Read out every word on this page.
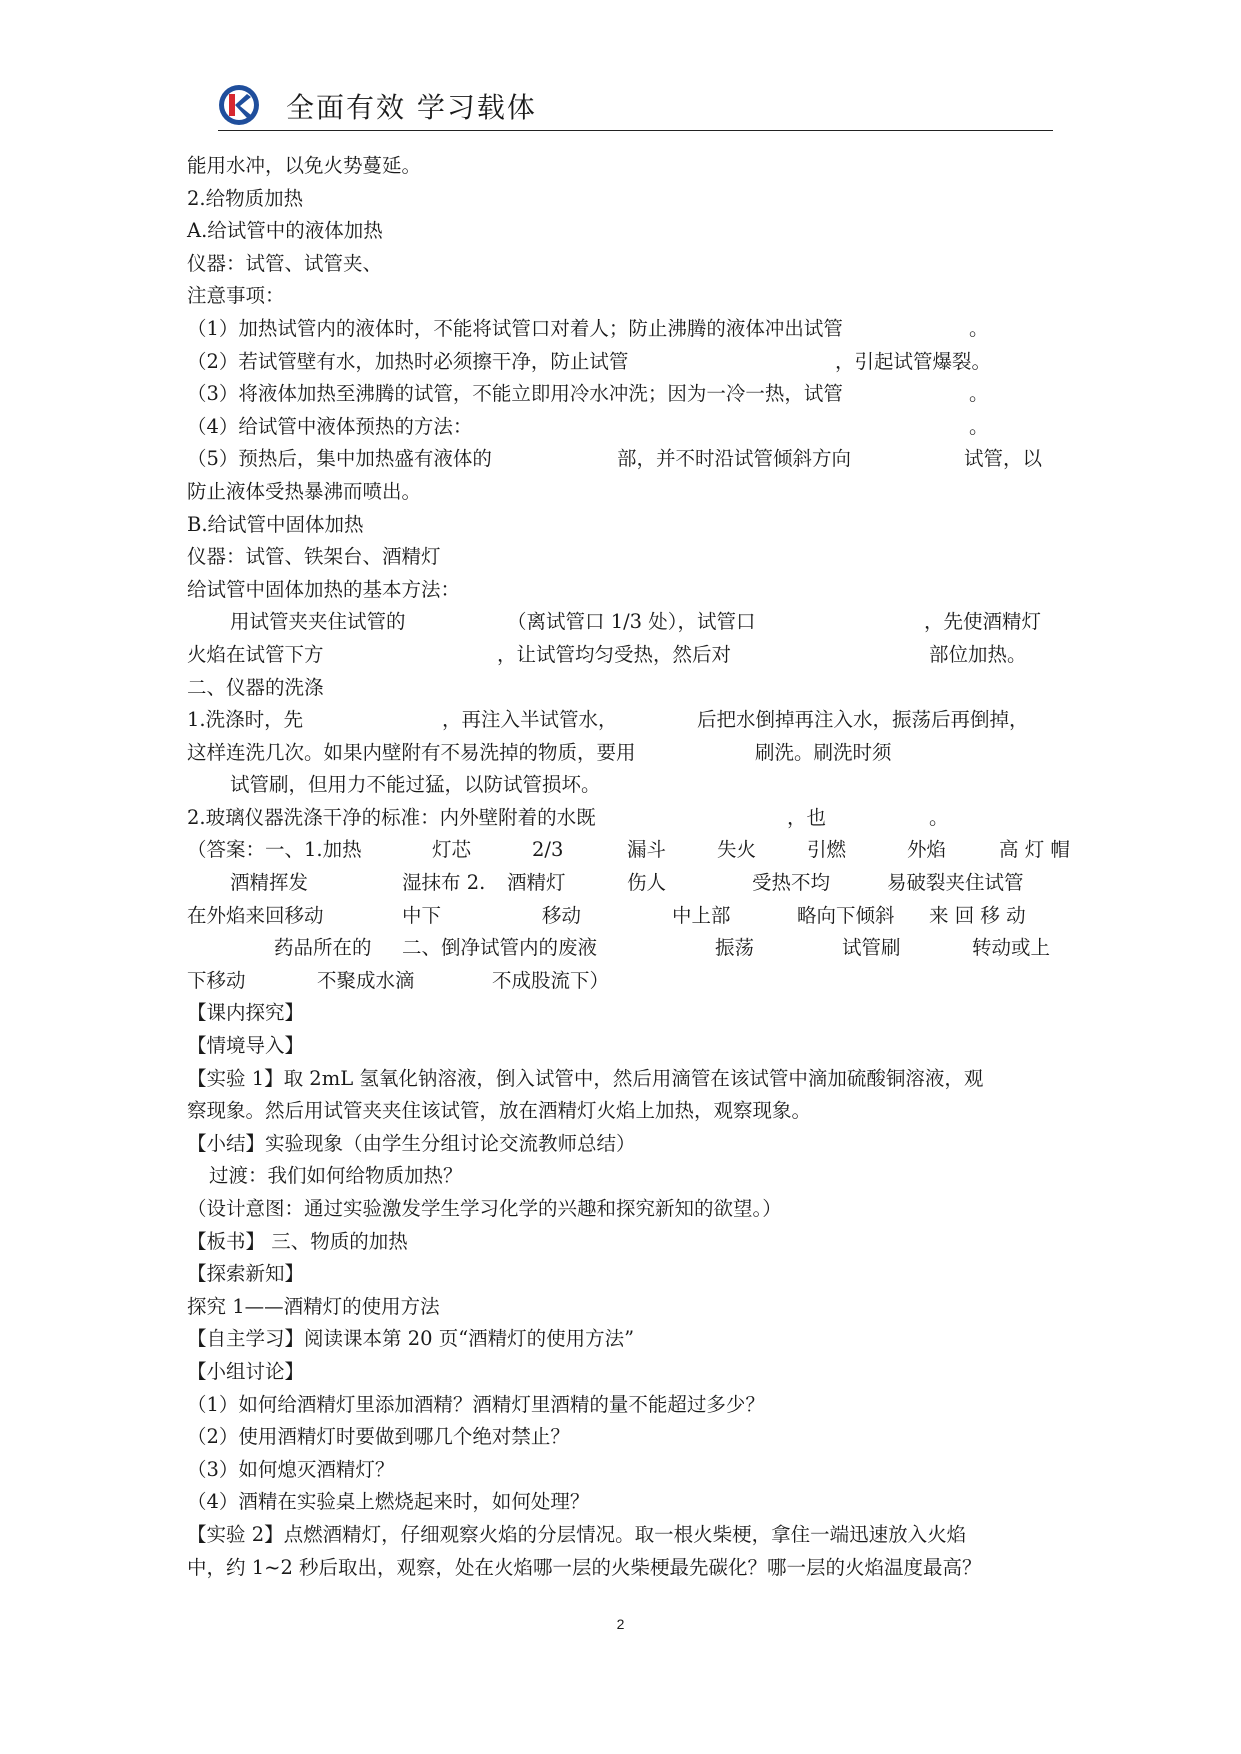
全面有效 学习载体
能用水冲，以免火势蔓延。
2.给物质加热
A.给试管中的液体加热
仪器：试管、试管夹、
注意事项：
（1）加热试管内的液体时，不能将试管口对着人；防止沸腾的液体冲出试管	。
（2）若试管壁有水，加热时必须擦干净，防止试管	，引起试管爆裂。
（3）将液体加热至沸腾的试管，不能立即用冷水冲洗；因为一冷一热，试管	。
（4）给试管中液体预热的方法：	。
（5）预热后，集中加热盛有液体的	部，并不时沿试管倾斜方向	试管，以
防止液体受热暴沸而喷出。
B.给试管中固体加热
仪器：试管、铁架台、酒精灯
给试管中固体加热的基本方法：
用试管夹夹住试管的	（离试管口 1/3 处），试管口	，先使酒精灯
火焰在试管下方	，让试管均匀受热，然后对	部位加热。
二、仪器的洗涤
1.洗涤时，先	，再注入半试管水，	后把水倒掉再注入水，振荡后再倒掉，
这样连洗几次。如果内壁附有不易洗掉的物质，要用	刷洗。刷洗时须
试管刷，但用力不能过猛，以防试管损坏。
2.玻璃仪器洗涤干净的标准：内外壁附着的水既	，也	。
（答案：一、1.加热	灯芯	2/3	漏斗	失火	引燃	外焰	高 灯 帽
酒精挥发	湿抹布 2. 酒精灯	伤人	受热不均	易破裂夹住试管
在外焰来回移动	中下	移动	中上部	略向下倾斜 来 回 移 动
药品所在的 二、倒净试管内的废液	振荡	试管刷	转动或上
下移动	不聚成水滴	不成股流下）
【课内探究】
【情境导入】
【实验 1】取 2mL 氢氧化钠溶液，倒入试管中，然后用滴管在该试管中滴加硫酸铜溶液，观
察现象。然后用试管夹夹住该试管，放在酒精灯火焰上加热，观察现象。
【小结】实验现象（由学生分组讨论交流教师总结）
过渡：我们如何给物质加热？
（设计意图：通过实验激发学生学习化学的兴趣和探究新知的欲望。）
【板书】 三、物质的加热
【探索新知】
探究 1——酒精灯的使用方法
【自主学习】阅读课本第 20 页“酒精灯的使用方法”
【小组讨论】
（1）如何给酒精灯里添加酒精？酒精灯里酒精的量不能超过多少？
（2）使用酒精灯时要做到哪几个绝对禁止？
（3）如何熄灭酒精灯？
（4）酒精在实验桌上燃烧起来时，如何处理？
【实验 2】点燃酒精灯，仔细观察火焰的分层情况。取一根火柴梗，拿住一端迅速放入火焰
中，约 1~2 秒后取出，观察，处在火焰哪一层的火柴梗最先碳化？哪一层的火焰温度最高？
2
